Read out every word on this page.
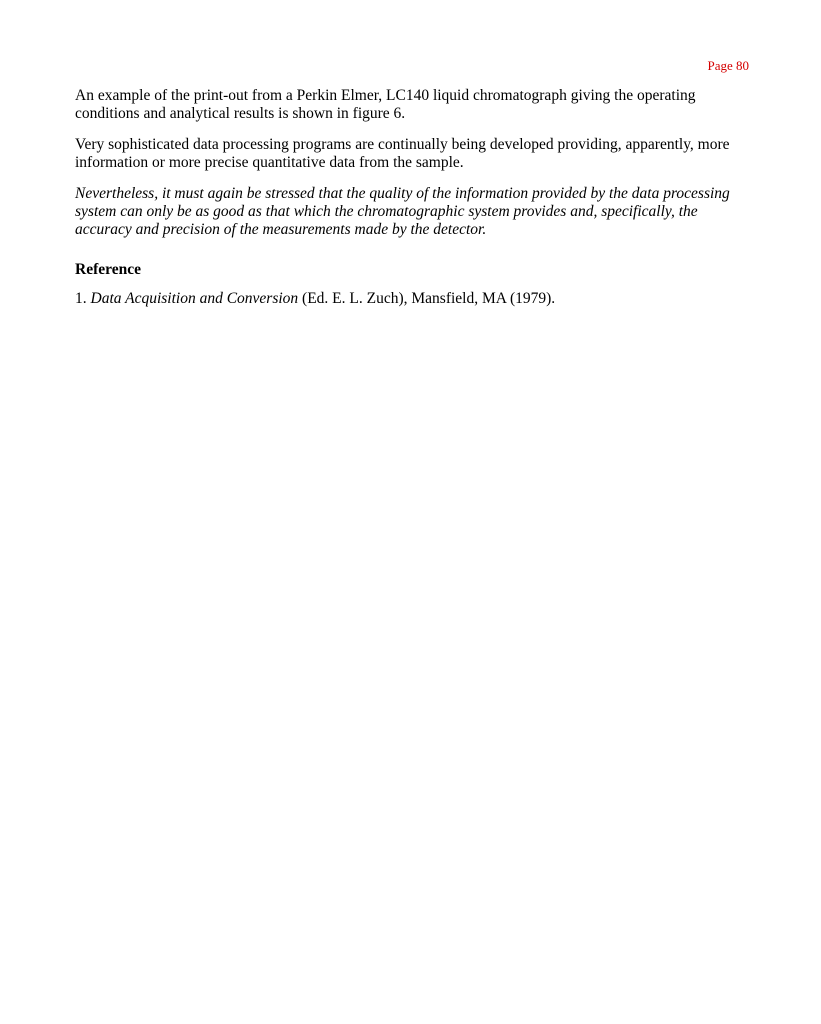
Page 80

An example of the print-out from a Perkin Elmer, LC140 liquid chromatograph giving the operating conditions and analytical results is shown in figure 6.

Very sophisticated data processing programs are continually being developed providing, apparently, more information or more precise quantitative data from the sample.

Nevertheless, it must again be stressed that the quality of the information provided by the data processing system can only be as good as that which the chromatographic system provides and, specifically, the accuracy and precision of the measurements made by the detector.

Reference

1. Data Acquisition and Conversion (Ed. E. L. Zuch), Mansfield, MA (1979).
